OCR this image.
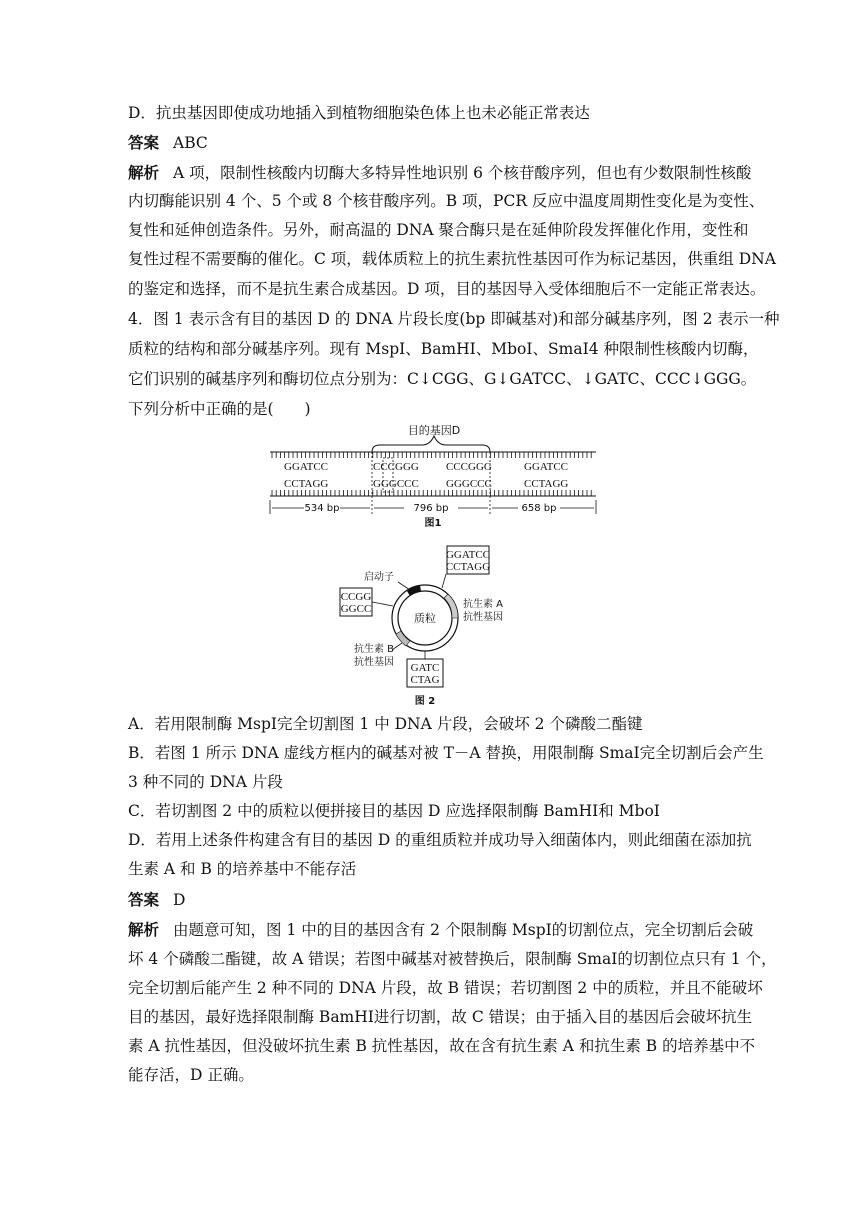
D．抗虫基因即使成功地插入到植物细胞染色体上也未必能正常表达
答案 ABC
解析 A 项，限制性核酸内切酶大多特异性地识别 6 个核苷酸序列，但也有少数限制性核酸
内切酶能识别 4 个、5 个或 8 个核苷酸序列。B 项，PCR 反应中温度周期性变化是为变性、
复性和延伸创造条件。另外，耐高温的 DNA 聚合酶只是在延伸阶段发挥催化作用，变性和
复性过程不需要酶的催化。C 项，载体质粒上的抗生素抗性基因可作为标记基因，供重组 DNA
的鉴定和选择，而不是抗生素合成基因。D 项，目的基因导入受体细胞后不一定能正常表达。
4．图 1 表示含有目的基因 D 的 DNA 片段长度(bp 即碱基对)和部分碱基序列，图 2 表示一种
质粒的结构和部分碱基序列。现有 MspⅠ、BamHⅠ、MboⅠ、SmaⅠ4 种限制性核酸内切酶，
它们识别的碱基序列和酶切位点分别为：C↓CGG、G↓GATCC、↓GATC、CCC↓GGG。
下列分析中正确的是(　　)
目的基因D
GGATCC	CCCGGG CCCGGG	GGATCC
CCTAGG	GGGCCC GGGCCC	CCTAGG
534 bp	796 bp	658 bp
图1
质粒
启动子
GGATCC
CCTAGG
CCGG
GGCC	抗生素 A
抗性基因
抗生素 B
抗性基因 GATC
CTAG
图 2
A．若用限制酶 MspⅠ完全切割图 1 中 DNA 片段，会破坏 2 个磷酸二酯键
B．若图 1 所示 DNA 虚线方框内的碱基对被 T－A 替换，用限制酶 SmaⅠ完全切割后会产生
3 种不同的 DNA 片段
C．若切割图 2 中的质粒以便拼接目的基因 D 应选择限制酶 BamHⅠ和 MboⅠ
D．若用上述条件构建含有目的基因 D 的重组质粒并成功导入细菌体内，则此细菌在添加抗
生素 A 和 B 的培养基中不能存活
答案 D
解析 由题意可知，图 1 中的目的基因含有 2 个限制酶 MspⅠ的切割位点，完全切割后会破
坏 4 个磷酸二酯键，故 A 错误；若图中碱基对被替换后，限制酶 SmaⅠ的切割位点只有 1 个，
完全切割后能产生 2 种不同的 DNA 片段，故 B 错误；若切割图 2 中的质粒，并且不能破坏
目的基因，最好选择限制酶 BamHⅠ进行切割，故 C 错误；由于插入目的基因后会破坏抗生
素 A 抗性基因，但没破坏抗生素 B 抗性基因，故在含有抗生素 A 和抗生素 B 的培养基中不
能存活，D 正确。
